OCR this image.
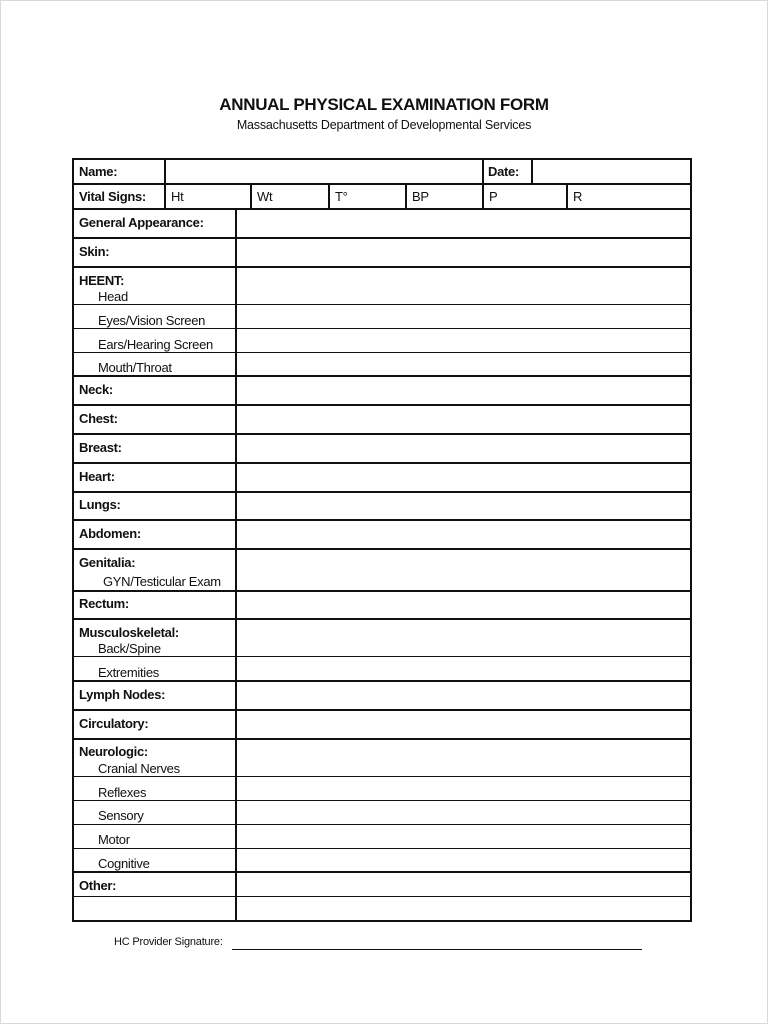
ANNUAL PHYSICAL EXAMINATION FORM
Massachusetts Department of Developmental Services
Name:	Date:
Vital Signs: Ht	Wt	T°	BP	P	R
General Appearance:
Skin:
HEENT:
Head
Eyes/Vision Screen
Ears/Hearing Screen
Mouth/Throat
Neck:
Chest:
Breast:
Heart:
Lungs:
Abdomen:
Genitalia:
GYN/Testicular Exam
Rectum:
Musculoskeletal:
Back/Spine
Extremities
Lymph Nodes:
Circulatory:
Neurologic:
Cranial Nerves
Reflexes
Sensory
Motor
Cognitive
Other:
HC Provider Signature:
